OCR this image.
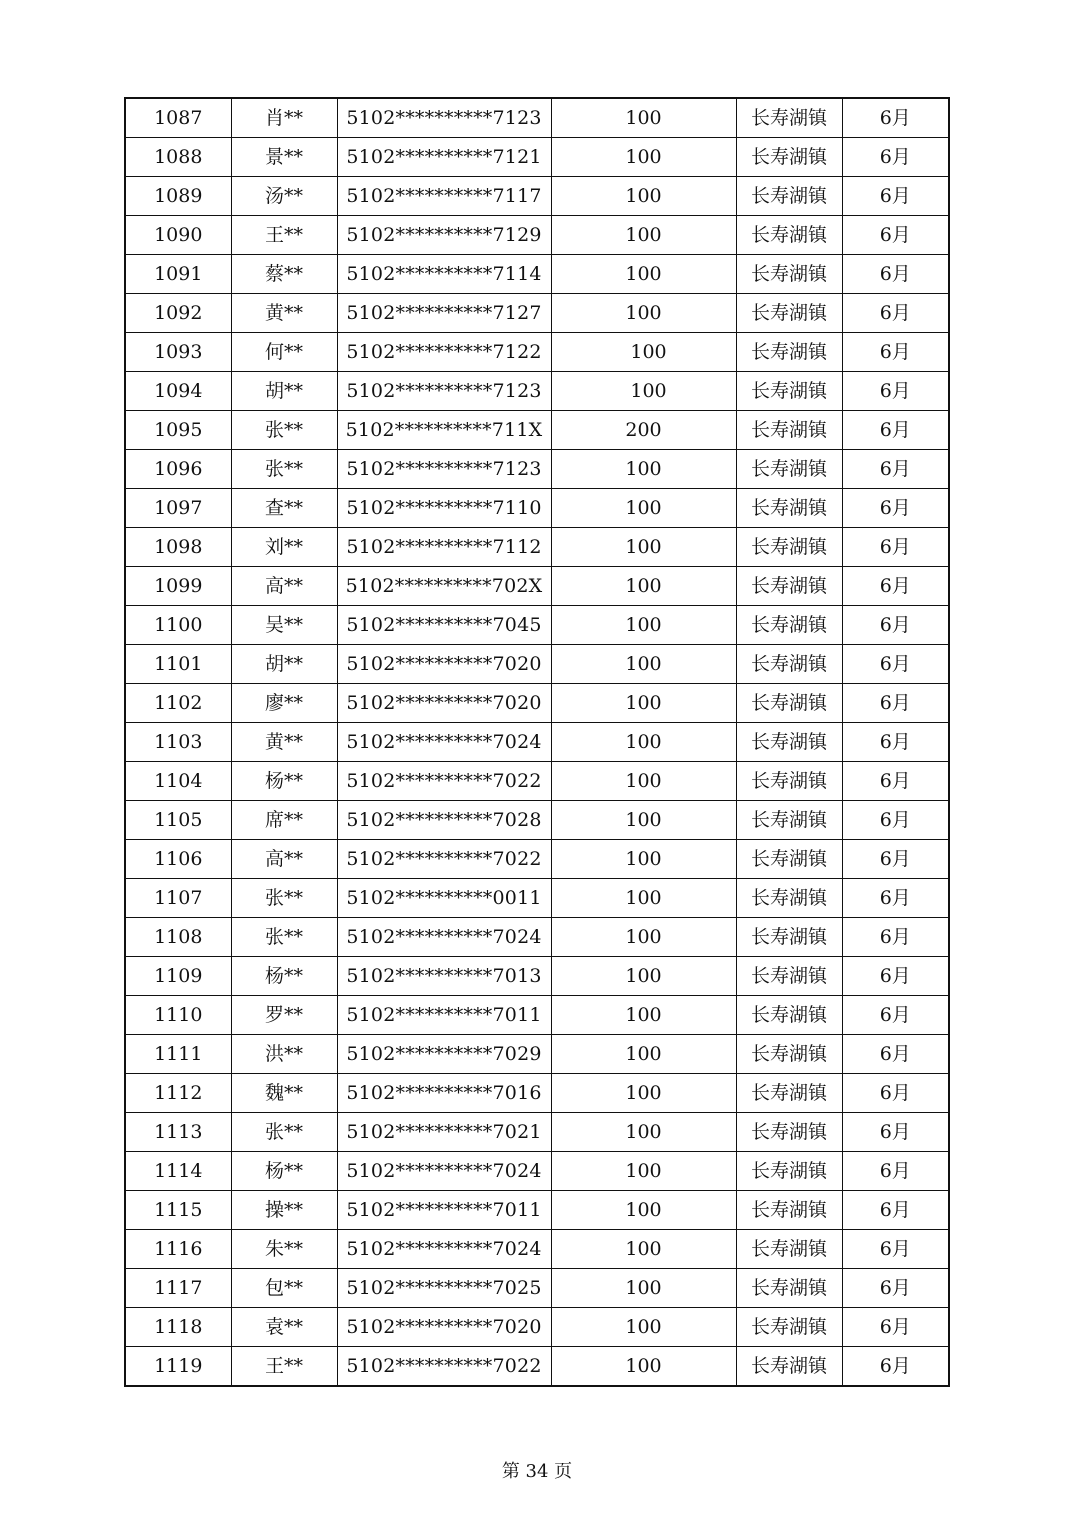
1087	肖**	5102**********7123	100	长寿湖镇	6月
1088	景**	5102**********7121	100	长寿湖镇	6月
1089	汤**	5102**********7117	100	长寿湖镇	6月
1090	王**	5102**********7129	100	长寿湖镇	6月
1091	蔡**	5102**********7114	100	长寿湖镇	6月
1092	黄**	5102**********7127	100	长寿湖镇	6月
1093	何**	5102**********7122	100	长寿湖镇	6月
1094	胡**	5102**********7123	100	长寿湖镇	6月
1095	张**	5102**********711X	200	长寿湖镇	6月
1096	张**	5102**********7123	100	长寿湖镇	6月
1097	查**	5102**********7110	100	长寿湖镇	6月
1098	刘**	5102**********7112	100	长寿湖镇	6月
1099	高**	5102**********702X	100	长寿湖镇	6月
1100	吴**	5102**********7045	100	长寿湖镇	6月
1101	胡**	5102**********7020	100	长寿湖镇	6月
1102	廖**	5102**********7020	100	长寿湖镇	6月
1103	黄**	5102**********7024	100	长寿湖镇	6月
1104	杨**	5102**********7022	100	长寿湖镇	6月
1105	席**	5102**********7028	100	长寿湖镇	6月
1106	高**	5102**********7022	100	长寿湖镇	6月
1107	张**	5102**********0011	100	长寿湖镇	6月
1108	张**	5102**********7024	100	长寿湖镇	6月
1109	杨**	5102**********7013	100	长寿湖镇	6月
1110	罗**	5102**********7011	100	长寿湖镇	6月
1111	洪**	5102**********7029	100	长寿湖镇	6月
1112	魏**	5102**********7016	100	长寿湖镇	6月
1113	张**	5102**********7021	100	长寿湖镇	6月
1114	杨**	5102**********7024	100	长寿湖镇	6月
1115	操**	5102**********7011	100	长寿湖镇	6月
1116	朱**	5102**********7024	100	长寿湖镇	6月
1117	包**	5102**********7025	100	长寿湖镇	6月
1118	袁**	5102**********7020	100	长寿湖镇	6月
1119	王**	5102**********7022	100	长寿湖镇	6月
第 34 页
